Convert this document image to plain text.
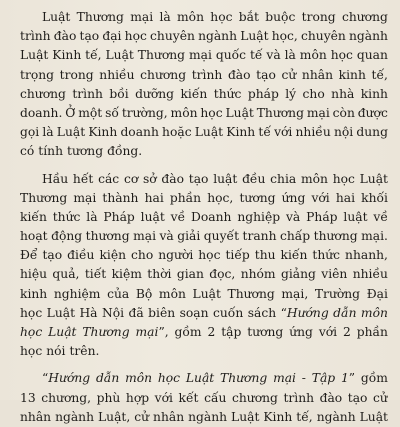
Luật Thương mại là môn học bắt buộc trong chương
trình đào tạo đại học chuyên ngành Luật học, chuyên ngành
Luật Kinh tế, Luật Thương mại quốc tế và là môn học quan
trọng trong nhiều chương trình đào tạo cử nhân kinh tế,
chương trình bồi dưỡng kiến thức pháp lý cho nhà kinh
doanh. Ở một số trường, môn học Luật Thương mại còn được
gọi là Luật Kinh doanh hoặc Luật Kinh tế với nhiều nội dung
có tính tương đồng.
Hầu hết các cơ sở đào tạo luật đều chia môn học Luật
Thương mại thành hai phần học, tương ứng với hai khối
kiến thức là Pháp luật về Doanh nghiệp và Pháp luật về
hoạt động thương mại và giải quyết tranh chấp thương mại.
Để tạo điều kiện cho người học tiếp thu kiến thức nhanh,
hiệu quả, tiết kiệm thời gian đọc, nhóm giảng viên nhiều
kinh nghiệm của Bộ môn Luật Thương mại, Trường Đại
học Luật Hà Nội đã biên soạn cuốn sách “Hướng dẫn môn
học Luật Thương mại”, gồm 2 tập tương ứng với 2 phần
học nói trên.
“Hướng dẫn môn học Luật Thương mại - Tập 1” gồm
13 chương, phù hợp với kết cấu chương trình đào tạo cử
nhân ngành Luật, cử nhân ngành Luật Kinh tế, ngành Luật
